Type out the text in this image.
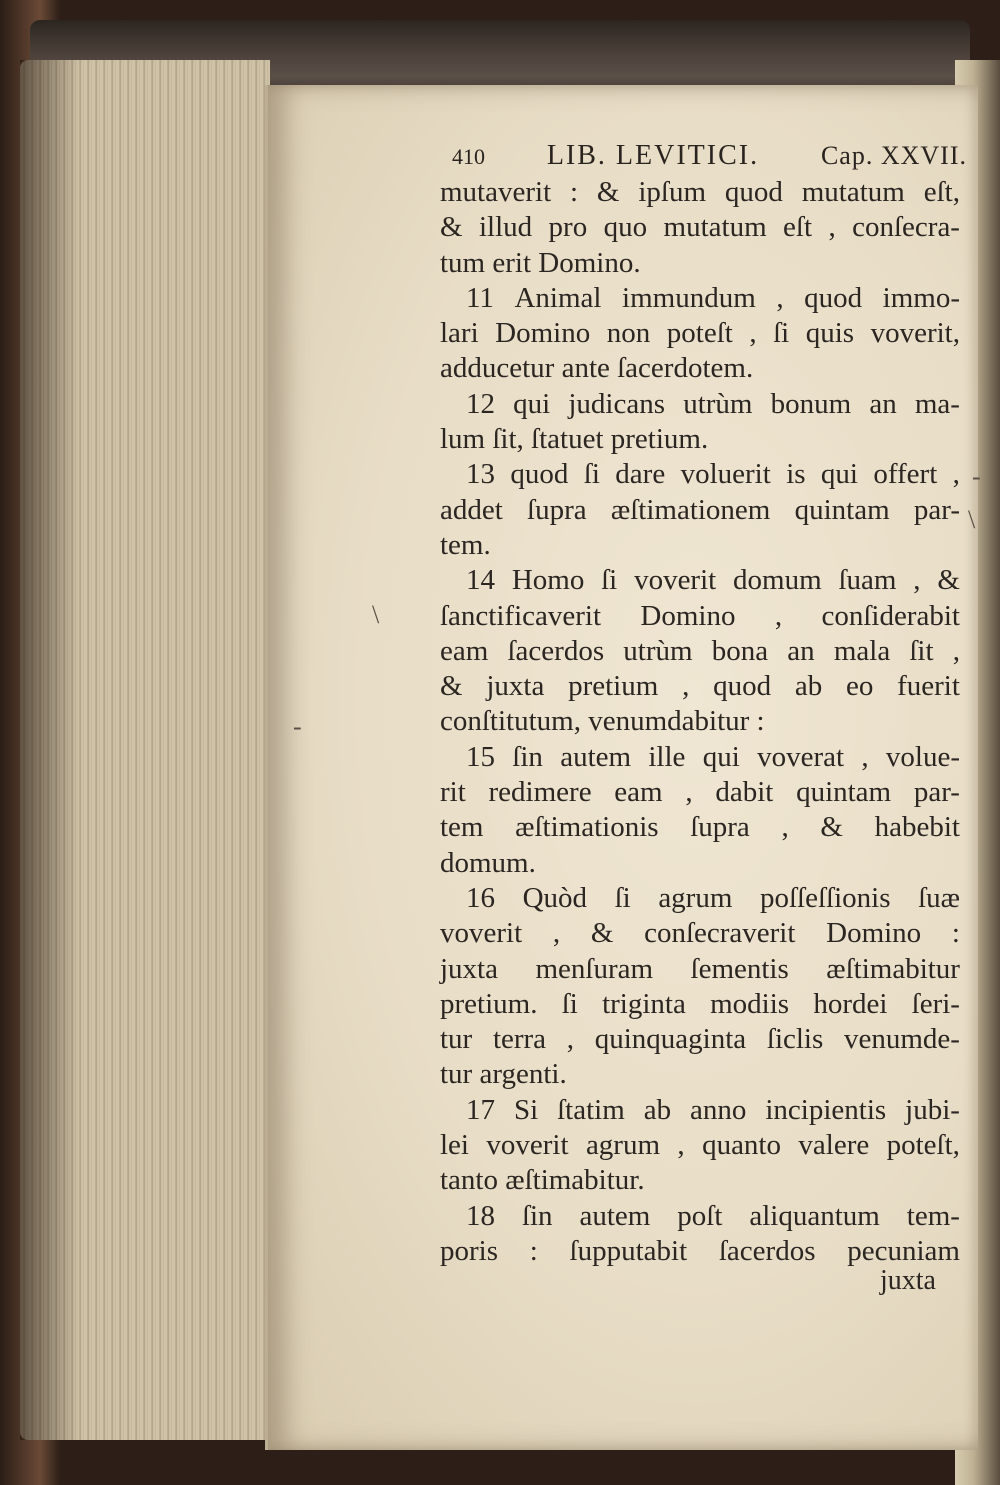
410 LIB. LEVITICI. Cap. XXVII.
mutaverit : & ipſum quod mutatum eſt,
& illud pro quo mutatum eſt , conſecra-
tum erit Domino.
11 Animal immundum , quod immo-
lari Domino non poteſt , ſi quis voverit,
adducetur ante ſacerdotem.
12 qui judicans utrùm bonum an ma-
lum ſit, ſtatuet pretium.
13 quod ſi dare voluerit is qui offert ,
addet ſupra æſtimationem quintam par-
tem.
14 Homo ſi voverit domum ſuam , &
ſanctificaverit Domino , conſiderabit
eam ſacerdos utrùm bona an mala ſit ,
& juxta pretium , quod ab eo fuerit
conſtitutum, venumdabitur :
15 ſin autem ille qui voverat , volue-
rit redimere eam , dabit quintam par-
tem æſtimationis ſupra , & habebit
domum.
16 Quòd ſi agrum poſſeſſionis ſuæ
voverit , & conſecraverit Domino :
juxta menſuram ſementis æſtimabitur
pretium. ſi triginta modiis hordei ſeri-
tur terra , quinquaginta ſiclis venumde-
tur argenti.
17 Si ſtatim ab anno incipientis jubi-
lei voverit agrum , quanto valere poteſt,
tanto æſtimabitur.
18 ſin autem poſt aliquantum tem-
poris : ſupputabit ſacerdos pecuniam
juxta
\
-
-
\
